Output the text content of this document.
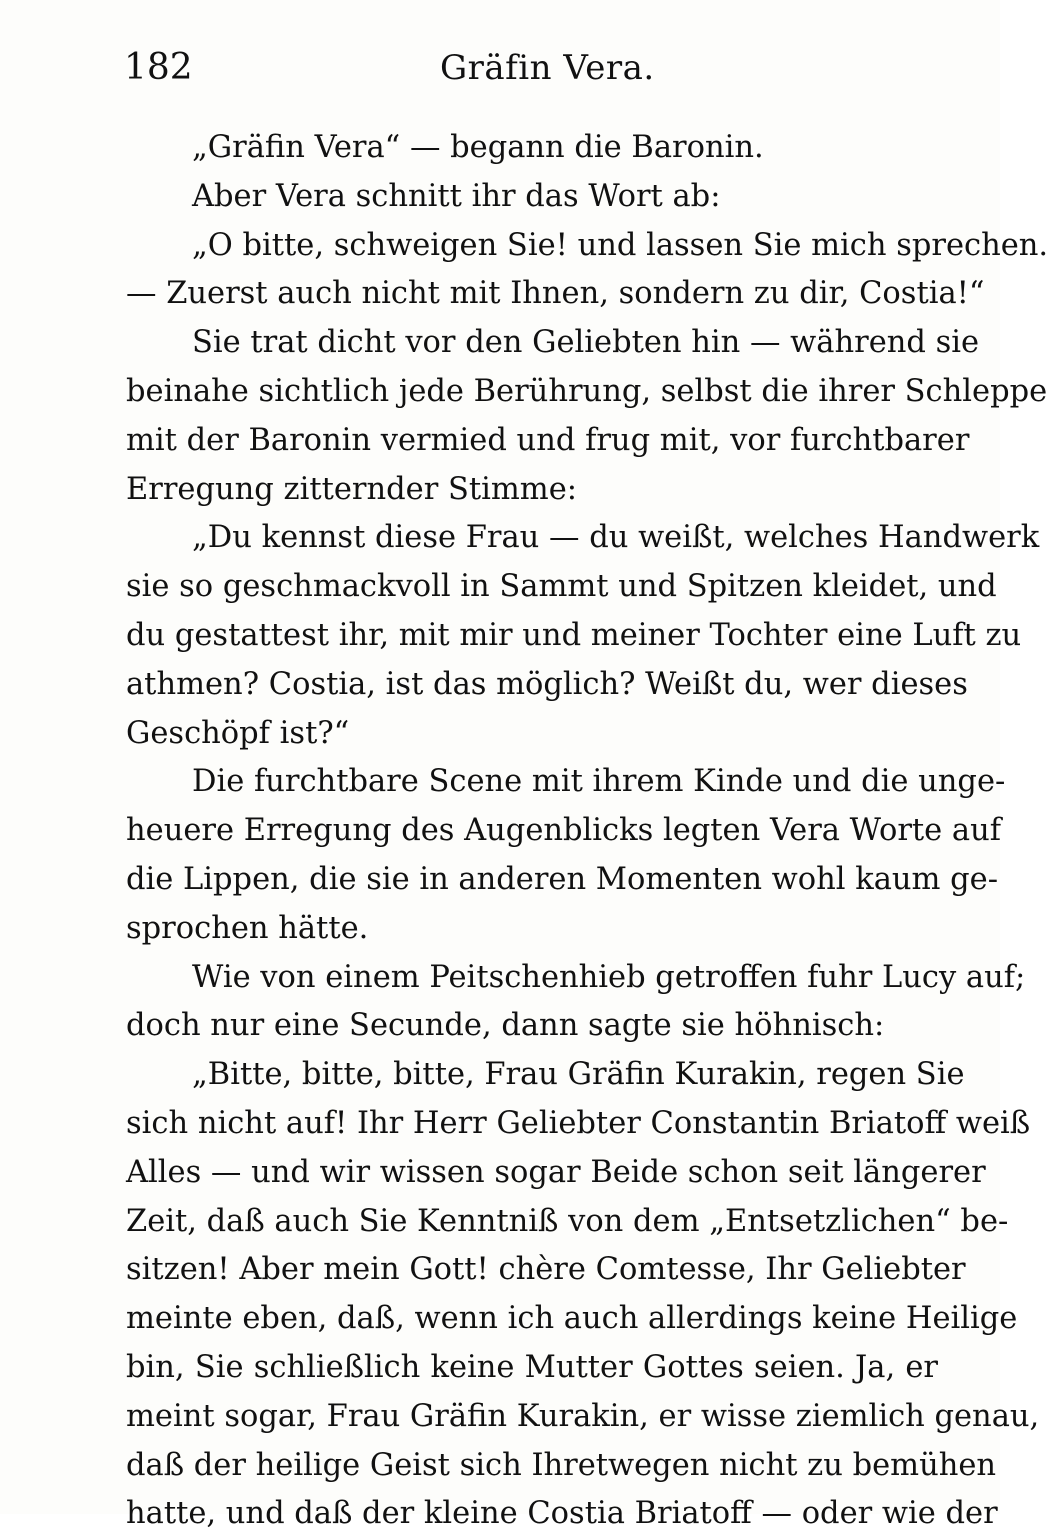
182	Gräfin Vera.
„Gräfin Vera“ — begann die Baronin.
Aber Vera schnitt ihr das Wort ab:
„O bitte, schweigen Sie! und lassen Sie mich sprechen.
— Zuerst auch nicht mit Ihnen, sondern zu dir, Costia!“
Sie trat dicht vor den Geliebten hin — während sie
beinahe sichtlich jede Berührung, selbst die ihrer Schleppe
mit der Baronin vermied und frug mit, vor furchtbarer
Erregung zitternder Stimme:
„Du kennst diese Frau — du weißt, welches Handwerk
sie so geschmackvoll in Sammt und Spitzen kleidet, und
du gestattest ihr, mit mir und meiner Tochter eine Luft zu
athmen? Costia, ist das möglich? Weißt du, wer dieses
Geschöpf ist?“
Die furchtbare Scene mit ihrem Kinde und die unge-
heuere Erregung des Augenblicks legten Vera Worte auf
die Lippen, die sie in anderen Momenten wohl kaum ge-
sprochen hätte.
Wie von einem Peitschenhieb getroffen fuhr Lucy auf;
doch nur eine Secunde, dann sagte sie höhnisch:
„Bitte, bitte, bitte, Frau Gräfin Kurakin, regen Sie
sich nicht auf! Ihr Herr Geliebter Constantin Briatoff weiß
Alles — und wir wissen sogar Beide schon seit längerer
Zeit, daß auch Sie Kenntniß von dem „Entsetzlichen“ be-
sitzen! Aber mein Gott! chère Comtesse, Ihr Geliebter
meinte eben, daß, wenn ich auch allerdings keine Heilige
bin, Sie schließlich keine Mutter Gottes seien. Ja, er
meint sogar, Frau Gräfin Kurakin, er wisse ziemlich genau,
daß der heilige Geist sich Ihretwegen nicht zu bemühen
hatte, und daß der kleine Costia Briatoff — oder wie der
